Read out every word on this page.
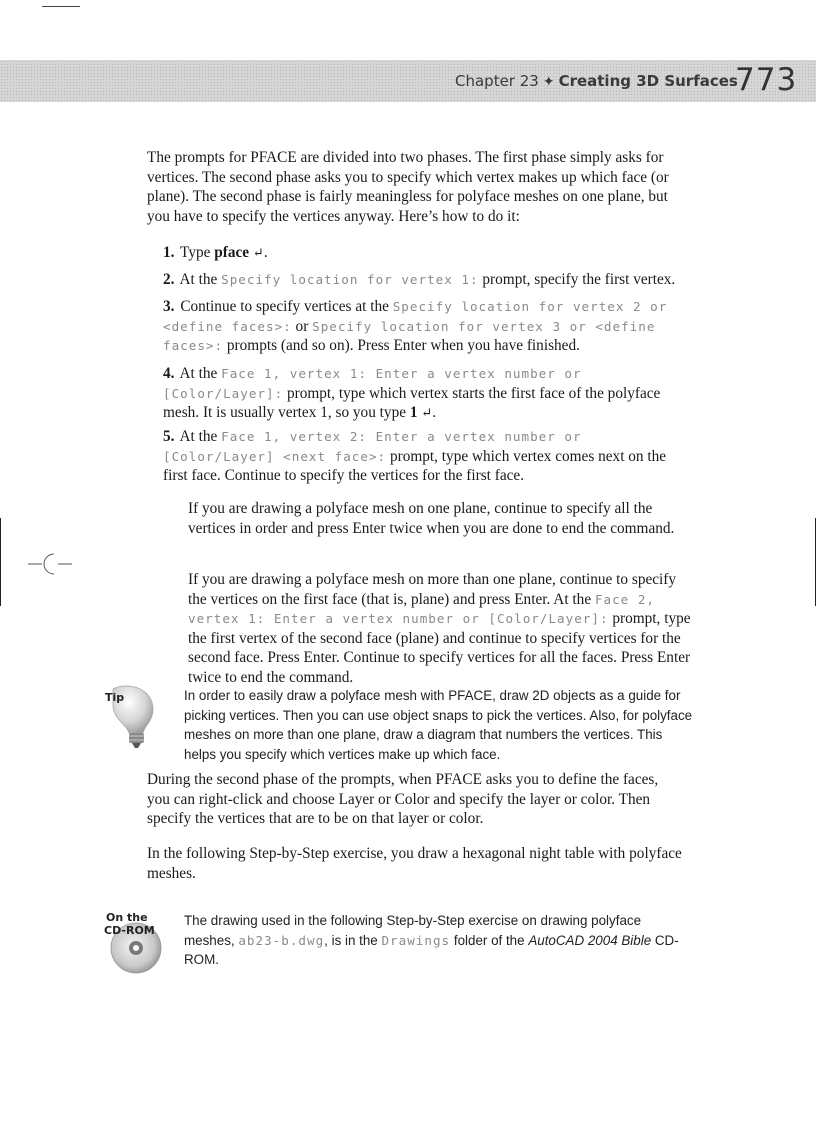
Chapter 23 ✦ Creating 3D Surfaces
773

The prompts for PFACE are divided into two phases. The first phase simply asks for vertices. The second phase asks you to specify which vertex makes up which face (or plane). The second phase is fairly meaningless for polyface meshes on one plane, but you have to specify the vertices anyway. Here’s how to do it:

1. Type pface ↵.
2. At the Specify location for vertex 1: prompt, specify the first vertex.
3. Continue to specify vertices at the Specify location for vertex 2 or <define faces>: or Specify location for vertex 3 or <define faces>: prompts (and so on). Press Enter when you have finished.
4. At the Face 1, vertex 1: Enter a vertex number or [Color/Layer]: prompt, type which vertex starts the first face of the polyface mesh. It is usually vertex 1, so you type 1 ↵.
5. At the Face 1, vertex 2: Enter a vertex number or [Color/Layer] <next face>: prompt, type which vertex comes next on the first face. Continue to specify the vertices for the first face.

If you are drawing a polyface mesh on one plane, continue to specify all the vertices in order and press Enter twice when you are done to end the command.

If you are drawing a polyface mesh on more than one plane, continue to specify the vertices on the first face (that is, plane) and press Enter. At the Face 2, vertex 1: Enter a vertex number or [Color/Layer]: prompt, type the first vertex of the second face (plane) and continue to specify vertices for the second face. Press Enter. Continue to specify vertices for all the faces. Press Enter twice to end the command.

Tip	In order to easily draw a polyface mesh with PFACE, draw 2D objects as a guide for picking vertices. Then you can use object snaps to pick the vertices. Also, for polyface meshes on more than one plane, draw a diagram that numbers the vertices. This helps you specify which vertices make up which face.

During the second phase of the prompts, when PFACE asks you to define the faces, you can right-click and choose Layer or Color and specify the layer or color. Then specify the vertices that are to be on that layer or color.

In the following Step-by-Step exercise, you draw a hexagonal night table with polyface meshes.

On the
CD-ROM

The drawing used in the following Step-by-Step exercise on drawing polyface meshes, ab23-b.dwg, is in the Drawings folder of the AutoCAD 2004 Bible CD-ROM.
